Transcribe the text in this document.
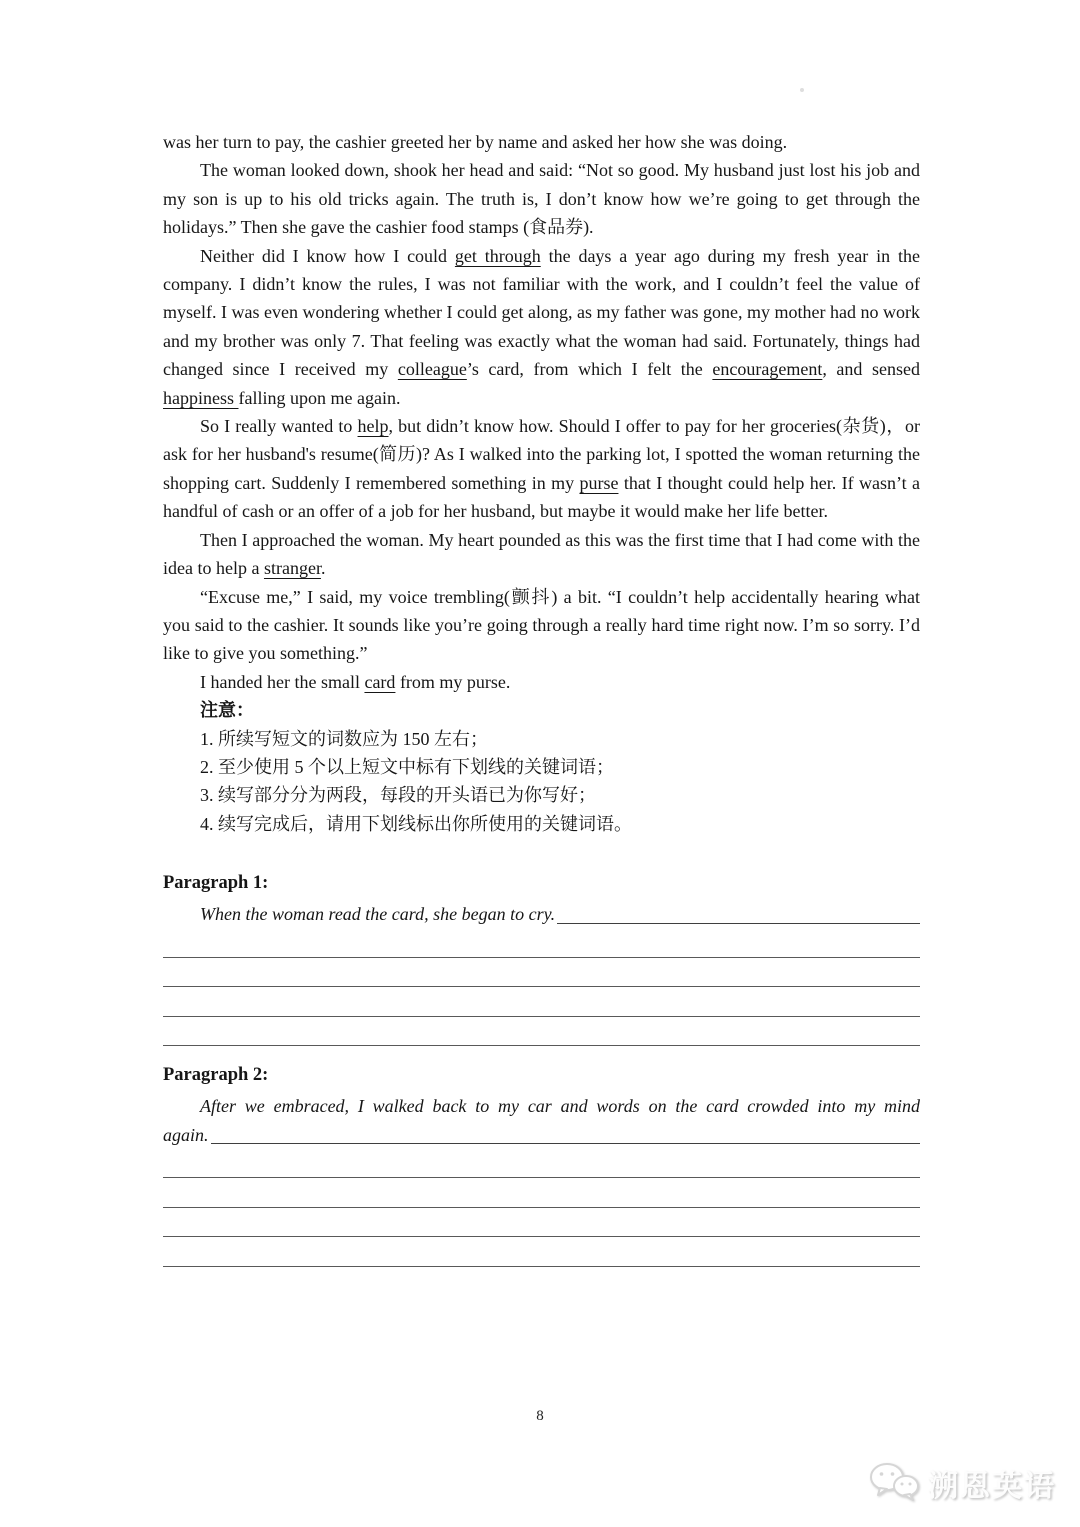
was her turn to pay, the cashier greeted her by name and asked her how she was doing.

The woman looked down, shook her head and said: “Not so good. My husband just lost his job and my son is up to his old tricks again. The truth is, I don’t know how we’re going to get through the holidays.” Then she gave the cashier food stamps (食品券).

Neither did I know how I could get through the days a year ago during my fresh year in the company. I didn’t know the rules, I was not familiar with the work, and I couldn’t feel the value of myself. I was even wondering whether I could get along, as my father was gone, my mother had no work and my brother was only 7. That feeling was exactly what the woman had said. Fortunately, things had changed since I received my colleague’s card, from which I felt the encouragement, and sensed happiness falling upon me again.

So I really wanted to help, but didn’t know how. Should I offer to pay for her groceries(杂货)，or ask for her husband's resume(简历)? As I walked into the parking lot, I spotted the woman returning the shopping cart. Suddenly I remembered something in my purse that I thought could help her. If wasn’t a handful of cash or an offer of a job for her husband, but maybe it would make her life better.

Then I approached the woman. My heart pounded as this was the first time that I had come with the idea to help a stranger.

“Excuse me,” I said, my voice trembling(颤抖) a bit. “I couldn’t help accidentally hearing what you said to the cashier. It sounds like you’re going through a really hard time right now. I’m so sorry. I’d like to give you something.”

I handed her the small card from my purse.

注意：
1. 所续写短文的词数应为 150 左右；
2. 至少使用 5 个以上短文中标有下划线的关键词语；
3. 续写部分分为两段，每段的开头语已为你写好；
4. 续写完成后，请用下划线标出你所使用的关键词语。
Paragraph 1:
When the woman read the card, she began to cry.
Paragraph 2:
After we embraced, I walked back to my car and words on the card crowded into my mind
again.
8
溯恩英语
